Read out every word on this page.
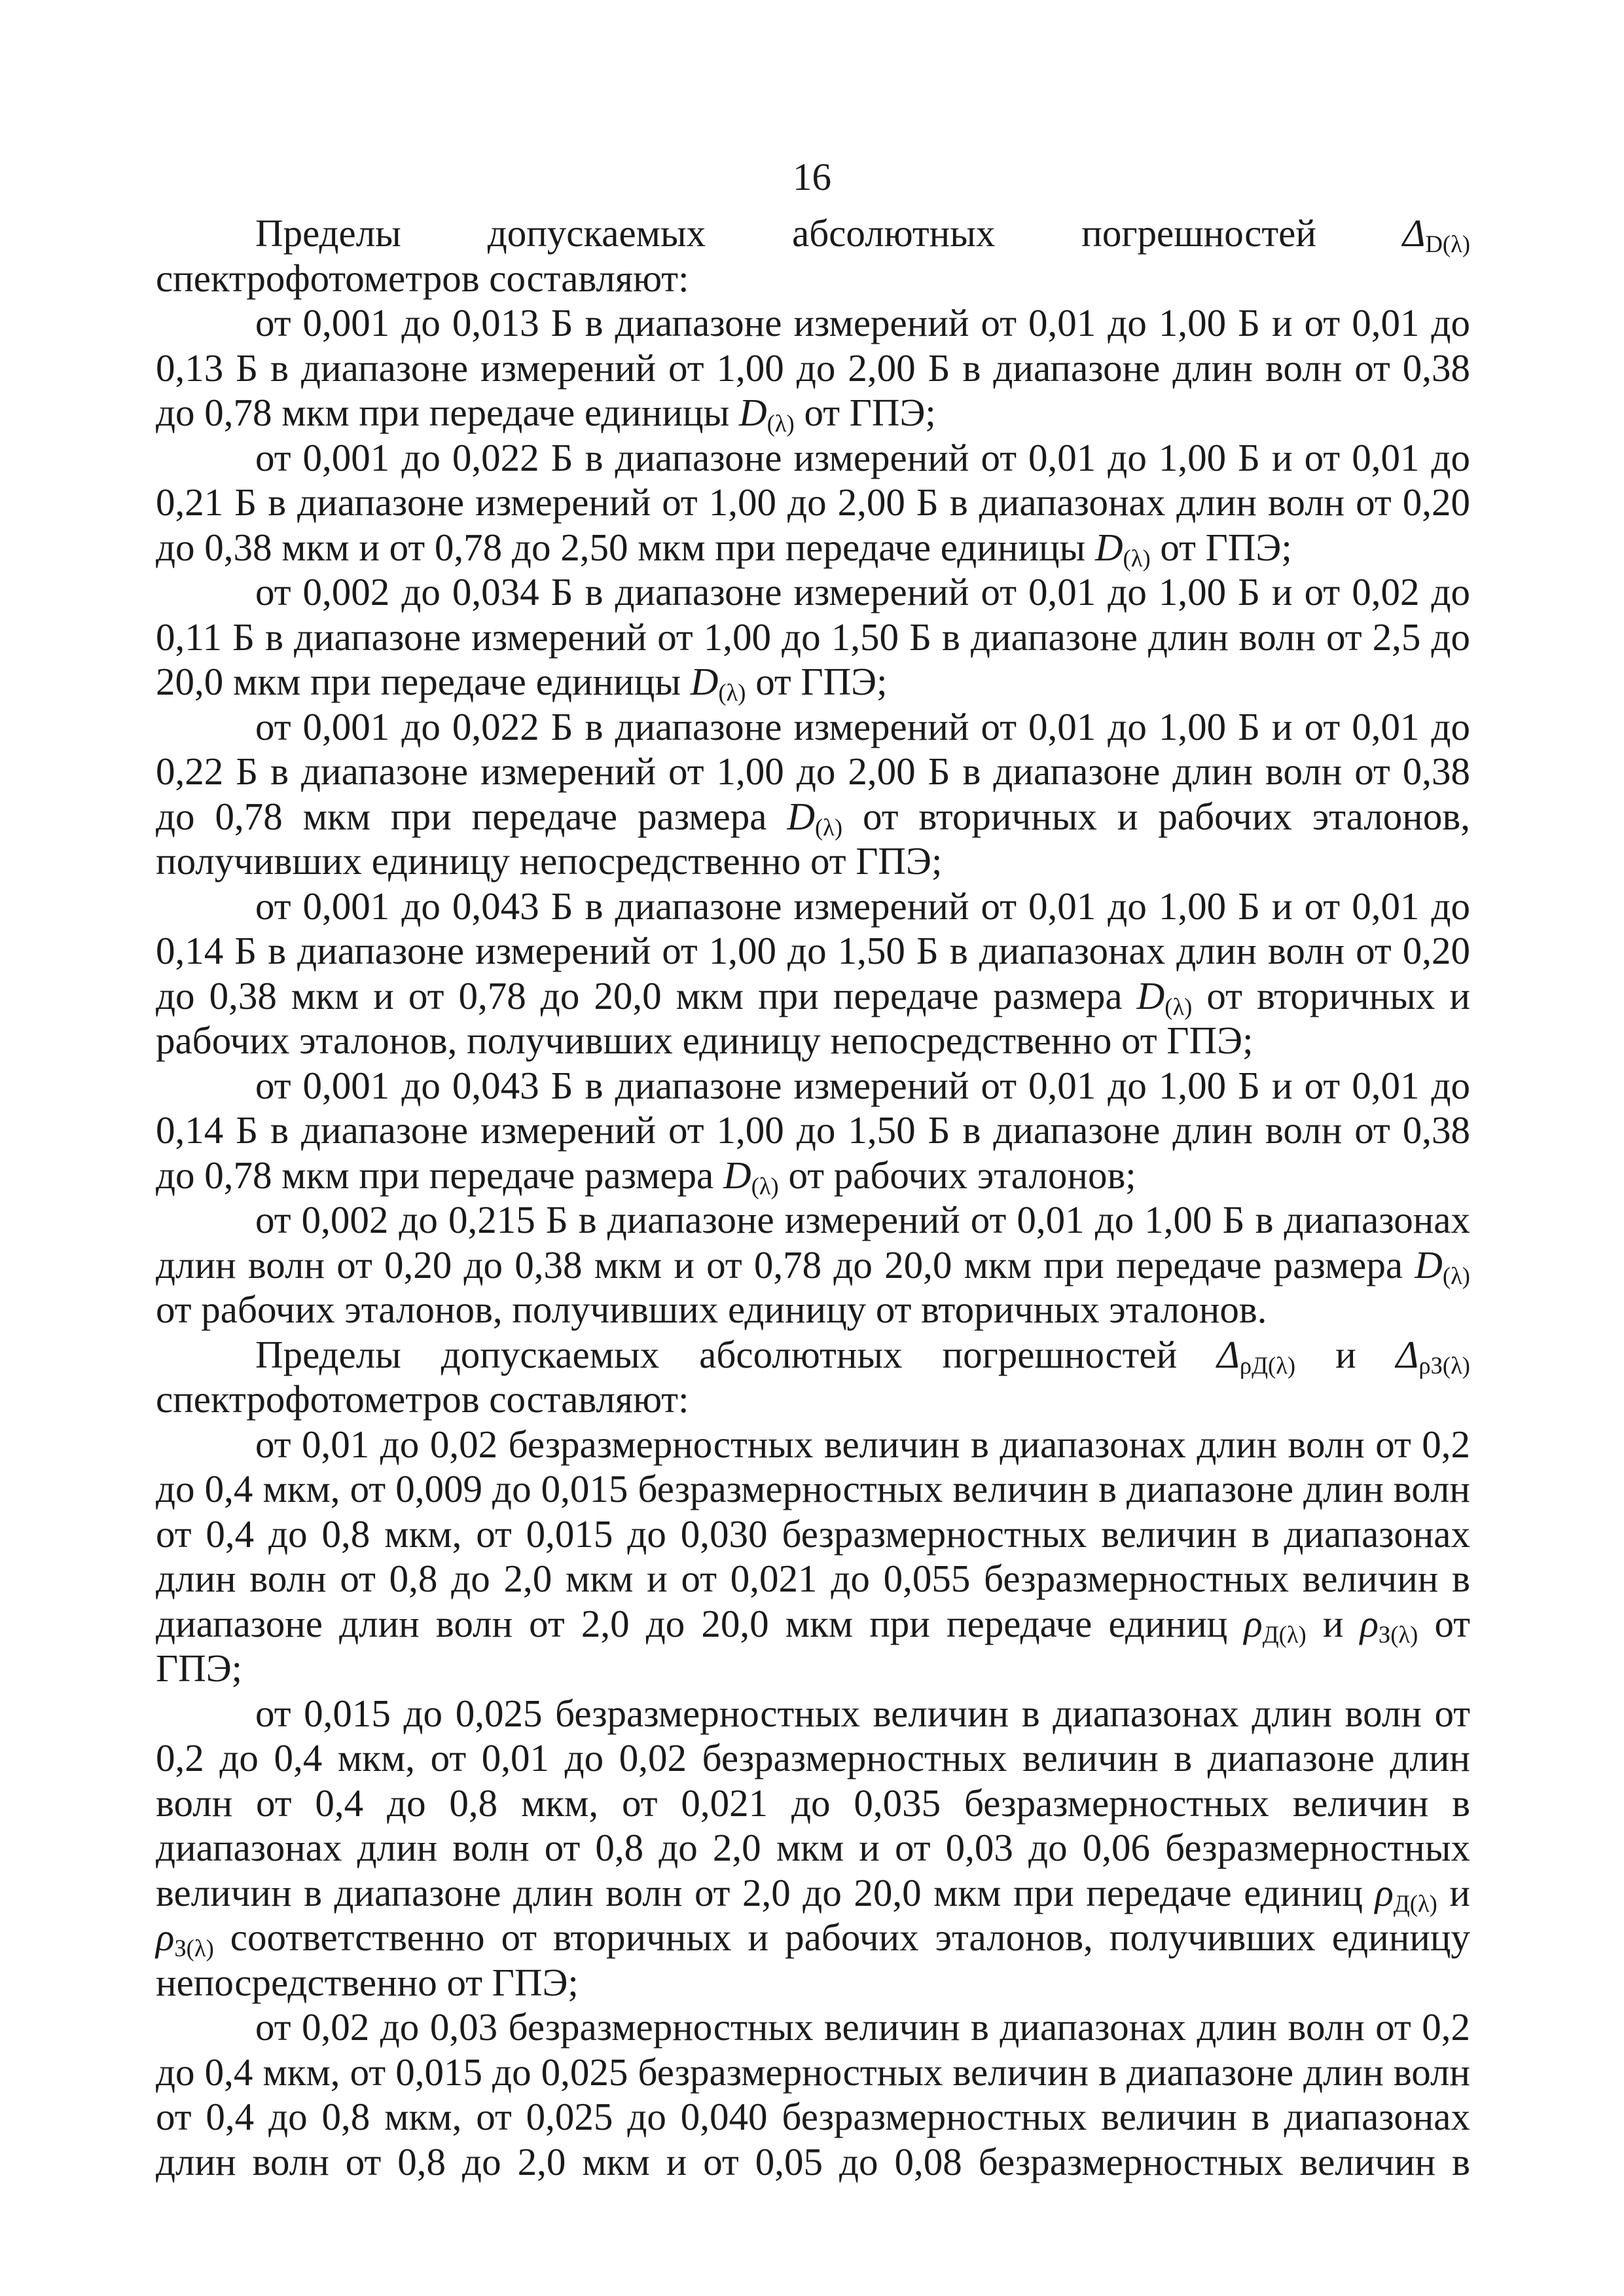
16

Пределы допускаемых абсолютных погрешностей $\Delta_{D(\lambda)}$ спектрофотометров составляют:

от 0,001 до 0,013 Б в диапазоне измерений от 0,01 до 1,00 Б и от 0,01 до 0,13 Б в диапазоне измерений от 1,00 до 2,00 Б в диапазоне длин волн от 0,38 до 0,78 мкм при передаче единицы $D_{(\lambda)}$ от ГПЭ;

от 0,001 до 0,022 Б в диапазоне измерений от 0,01 до 1,00 Б и от 0,01 до 0,21 Б в диапазоне измерений от 1,00 до 2,00 Б в диапазонах длин волн от 0,20 до 0,38 мкм и от 0,78 до 2,50 мкм при передаче единицы $D_{(\lambda)}$ от ГПЭ;

от 0,002 до 0,034 Б в диапазоне измерений от 0,01 до 1,00 Б и от 0,02 до 0,11 Б в диапазоне измерений от 1,00 до 1,50 Б в диапазоне длин волн от 2,5 до 20,0 мкм при передаче единицы $D_{(\lambda)}$ от ГПЭ;

от 0,001 до 0,022 Б в диапазоне измерений от 0,01 до 1,00 Б и от 0,01 до 0,22 Б в диапазоне измерений от 1,00 до 2,00 Б в диапазоне длин волн от 0,38 до 0,78 мкм при передаче размера $D_{(\lambda)}$ от вторичных и рабочих эталонов, получивших единицу непосредственно от ГПЭ;

от 0,001 до 0,043 Б в диапазоне измерений от 0,01 до 1,00 Б и от 0,01 до 0,14 Б в диапазоне измерений от 1,00 до 1,50 Б в диапазонах длин волн от 0,20 до 0,38 мкм и от 0,78 до 20,0 мкм при передаче размера $D_{(\lambda)}$ от вторичных и рабочих эталонов, получивших единицу непосредственно от ГПЭ;

от 0,001 до 0,043 Б в диапазоне измерений от 0,01 до 1,00 Б и от 0,01 до 0,14 Б в диапазоне измерений от 1,00 до 1,50 Б в диапазоне длин волн от 0,38 до 0,78 мкм при передаче размера $D_{(\lambda)}$ от рабочих эталонов;

от 0,002 до 0,215 Б в диапазоне измерений от 0,01 до 1,00 Б в диапазонах длин волн от 0,20 до 0,38 мкм и от 0,78 до 20,0 мкм при передаче размера $D_{(\lambda)}$ от рабочих эталонов, получивших единицу от вторичных эталонов.

Пределы допускаемых абсолютных погрешностей $\Delta_{\rho Д(\lambda)}$ и $\Delta_{\rho З(\lambda)}$ спектрофотометров составляют:

от 0,01 до 0,02 безразмерностных величин в диапазонах длин волн от 0,2 до 0,4 мкм, от 0,009 до 0,015 безразмерностных величин в диапазоне длин волн от 0,4 до 0,8 мкм, от 0,015 до 0,030 безразмерностных величин в диапазонах длин волн от 0,8 до 2,0 мкм и от 0,021 до 0,055 безразмерностных величин в диапазоне длин волн от 2,0 до 20,0 мкм при передаче единиц $\rho_{Д(\lambda)}$ и $\rho_{З(\lambda)}$ от ГПЭ;

от 0,015 до 0,025 безразмерностных величин в диапазонах длин волн от 0,2 до 0,4 мкм, от 0,01 до 0,02 безразмерностных величин в диапазоне длин волн от 0,4 до 0,8 мкм, от 0,021 до 0,035 безразмерностных величин в диапазонах длин волн от 0,8 до 2,0 мкм и от 0,03 до 0,06 безразмерностных величин в диапазоне длин волн от 2,0 до 20,0 мкм при передаче единиц $\rho_{Д(\lambda)}$ и $\rho_{З(\lambda)}$ соответственно от вторичных и рабочих эталонов, получивших единицу непосредственно от ГПЭ;

от 0,02 до 0,03 безразмерностных величин в диапазонах длин волн от 0,2 до 0,4 мкм, от 0,015 до 0,025 безразмерностных величин в диапазоне длин волн от 0,4 до 0,8 мкм, от 0,025 до 0,040 безразмерностных величин в диапазонах длин волн от 0,8 до 2,0 мкм и от 0,05 до 0,08 безразмерностных величин в
